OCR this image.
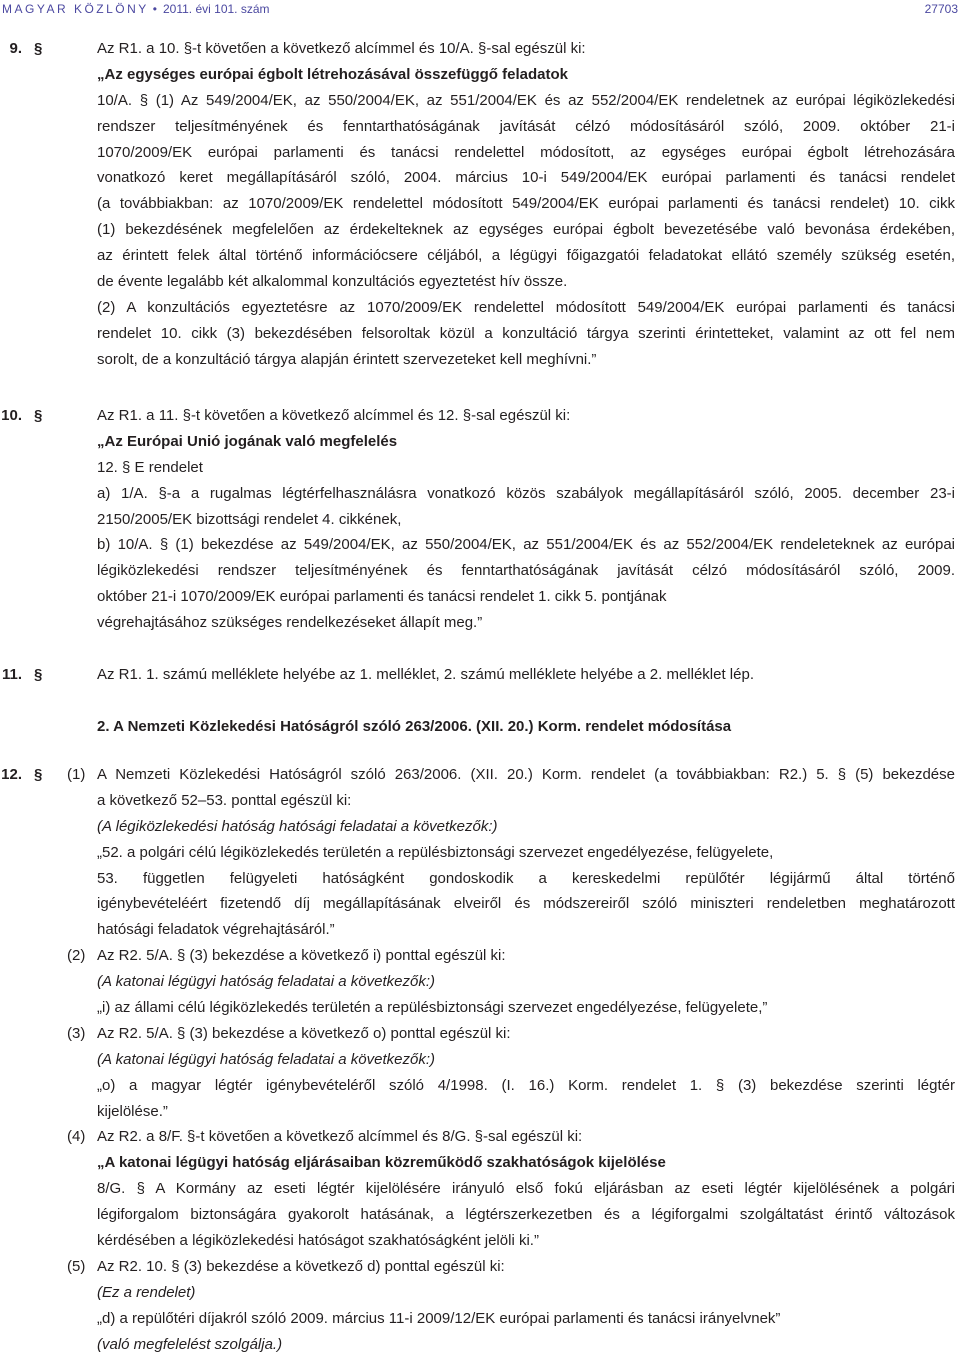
MAGYAR KÖZLÖNY • 2011. évi 101. szám	27703
9. §	Az R1. a 10. §-t követően a következő alcímmel és 10/A. §-sal egészül ki:
„Az egységes európai égbolt létrehozásával összefüggő feladatok
10/A. § (1) Az 549/2004/EK, az 550/2004/EK, az 551/2004/EK és az 552/2004/EK rendeletnek az európai légiközlekedési
rendszer teljesítményének és fenntarthatóságának javítását célzó módosításáról szóló, 2009. október 21-i
1070/2009/EK európai parlamenti és tanácsi rendelettel módosított, az egységes európai égbolt létrehozására
vonatkozó keret megállapításáról szóló, 2004. március 10-i 549/2004/EK európai parlamenti és tanácsi rendelet
(a továbbiakban: az 1070/2009/EK rendelettel módosított 549/2004/EK európai parlamenti és tanácsi rendelet) 10. cikk
(1) bekezdésének megfelelően az érdekelteknek az egységes európai égbolt bevezetésébe való bevonása érdekében,
az érintett felek által történő információcsere céljából, a légügyi főigazgatói feladatokat ellátó személy szükség esetén,
de évente legalább két alkalommal konzultációs egyeztetést hív össze.
(2) A konzultációs egyeztetésre az 1070/2009/EK rendelettel módosított 549/2004/EK európai parlamenti és tanácsi
rendelet 10. cikk (3) bekezdésében felsoroltak közül a konzultáció tárgya szerinti érintetteket, valamint az ott fel nem
sorolt, de a konzultáció tárgya alapján érintett szervezeteket kell meghívni.”
10. §	Az R1. a 11. §-t követően a következő alcímmel és 12. §-sal egészül ki:
„Az Európai Unió jogának való megfelelés
12. § E rendelet
a) 1/A. §-a a rugalmas légtérfelhasználásra vonatkozó közös szabályok megállapításáról szóló, 2005. december 23-i
2150/2005/EK bizottsági rendelet 4. cikkének,
b) 10/A. § (1) bekezdése az 549/2004/EK, az 550/2004/EK, az 551/2004/EK és az 552/2004/EK rendeleteknek az európai
légiközlekedési rendszer teljesítményének és fenntarthatóságának javítását célzó módosításáról szóló, 2009.
október 21-i 1070/2009/EK európai parlamenti és tanácsi rendelet 1. cikk 5. pontjának
végrehajtásához szükséges rendelkezéseket állapít meg.”
11. §	Az R1. 1. számú melléklete helyébe az 1. melléklet, 2. számú melléklete helyébe a 2. melléklet lép.
2. A Nemzeti Közlekedési Hatóságról szóló 263/2006. (XII. 20.) Korm. rendelet módosítása
12. § (1) A Nemzeti Közlekedési Hatóságról szóló 263/2006. (XII. 20.) Korm. rendelet (a továbbiakban: R2.) 5. § (5) bekezdése
a következő 52–53. ponttal egészül ki:
(A légiközlekedési hatóság hatósági feladatai a következők:)
„52. a polgári célú légiközlekedés területén a repülésbiztonsági szervezet engedélyezése, felügyelete,
53. független felügyeleti hatóságként gondoskodik a kereskedelmi repülőtér légijármű által történő
igénybevételéért fizetendő díj megállapításának elveiről és módszereiről szóló miniszteri rendeletben meghatározott
hatósági feladatok végrehajtásáról.”
(2) Az R2. 5/A. § (3) bekezdése a következő i) ponttal egészül ki:
(A katonai légügyi hatóság feladatai a következők:)
„i) az állami célú légiközlekedés területén a repülésbiztonsági szervezet engedélyezése, felügyelete,”
(3) Az R2. 5/A. § (3) bekezdése a következő o) ponttal egészül ki:
(A katonai légügyi hatóság feladatai a következők:)
„o) a magyar légtér igénybevételéről szóló 4/1998. (I. 16.) Korm. rendelet 1. § (3) bekezdése szerinti légtér
kijelölése.”
(4) Az R2. a 8/F. §-t követően a következő alcímmel és 8/G. §-sal egészül ki:
„A katonai légügyi hatóság eljárásaiban közreműködő szakhatóságok kijelölése
8/G. § A Kormány az eseti légtér kijelölésére irányuló első fokú eljárásban az eseti légtér kijelölésének a polgári
légiforgalom biztonságára gyakorolt hatásának, a légtérszerkezetben és a légiforgalmi szolgáltatást érintő változások
kérdésében a légiközlekedési hatóságot szakhatóságként jelöli ki.”
(5) Az R2. 10. § (3) bekezdése a következő d) ponttal egészül ki:
(Ez a rendelet)
„d) a repülőtéri díjakról szóló 2009. március 11-i 2009/12/EK európai parlamenti és tanácsi irányelvnek”
(való megfelelést szolgálja.)
